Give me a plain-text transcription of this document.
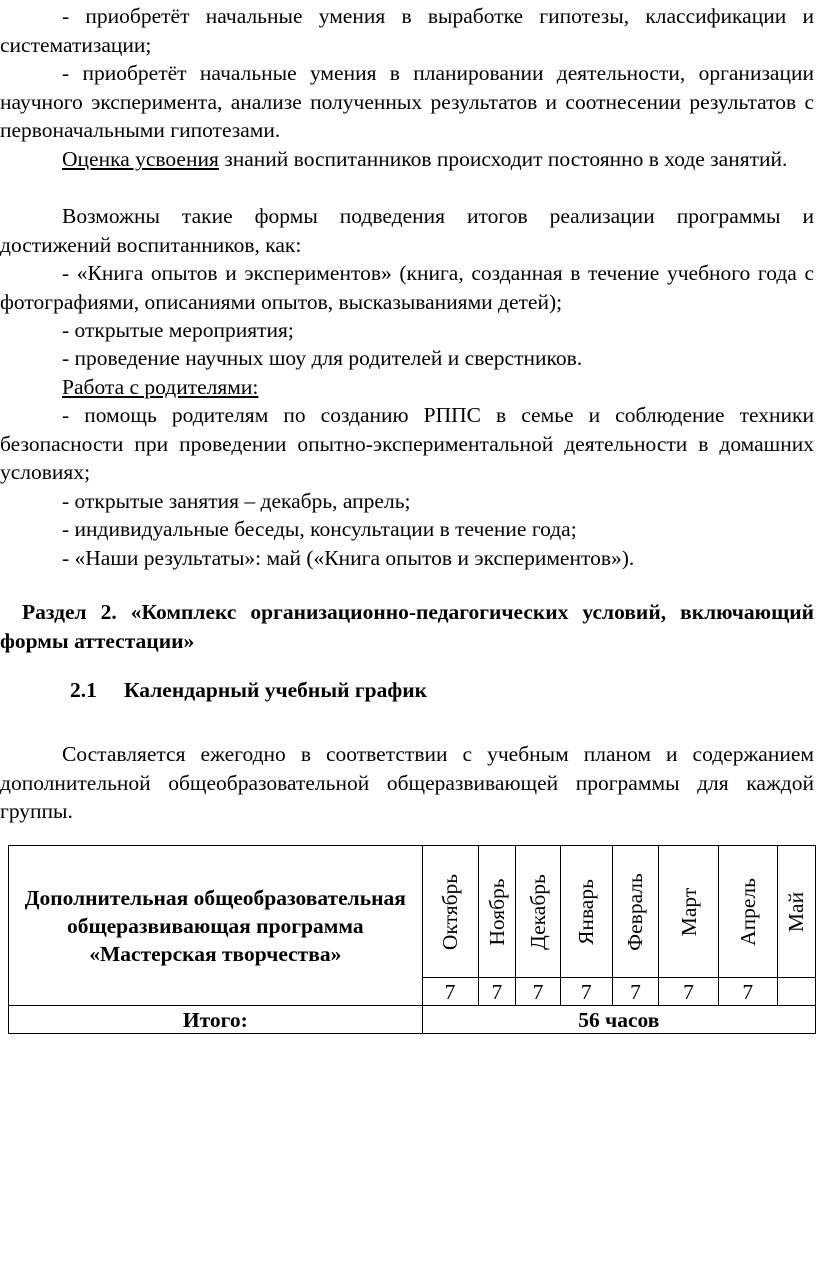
- приобретёт начальные умения в выработке гипотезы, классификации и систематизации;

- приобретёт начальные умения в планировании деятельности, организации научного эксперимента, анализе полученных результатов и соотнесении результатов с первоначальными гипотезами.

Оценка усвоения знаний воспитанников происходит постоянно в ходе занятий.

Возможны такие формы подведения итогов реализации программы и достижений воспитанников, как:

- «Книга опытов и экспериментов» (книга, созданная в течение учебного года с фотографиями, описаниями опытов, высказываниями детей);

- открытые мероприятия;

- проведение научных шоу для родителей и сверстников.

Работа с родителями:

- помощь родителям по созданию РППС в семье и соблюдение техники безопасности при проведении опытно-экспериментальной деятельности в домашних условиях;

- открытые занятия – декабрь, апрель;

- индивидуальные беседы, консультации в течение года;

- «Наши результаты»: май («Книга опытов и экспериментов»).

Раздел 2. «Комплекс организационно-педагогических условий, включающий формы аттестации»
2.1 Календарный учебный график

Составляется ежегодно в соответствии с учебным планом и содержанием дополнительной общеобразовательной общеразвивающей программы для каждой группы.

Дополнительная общеобразовательная общеразвивающая программа «Мастерская творчества»	Октябрь	Ноябрь	Декабрь	Январь	Февраль	Март	Апрель	Май

	7	7	7	7	7	7	7	
Итого:	56 часов							
